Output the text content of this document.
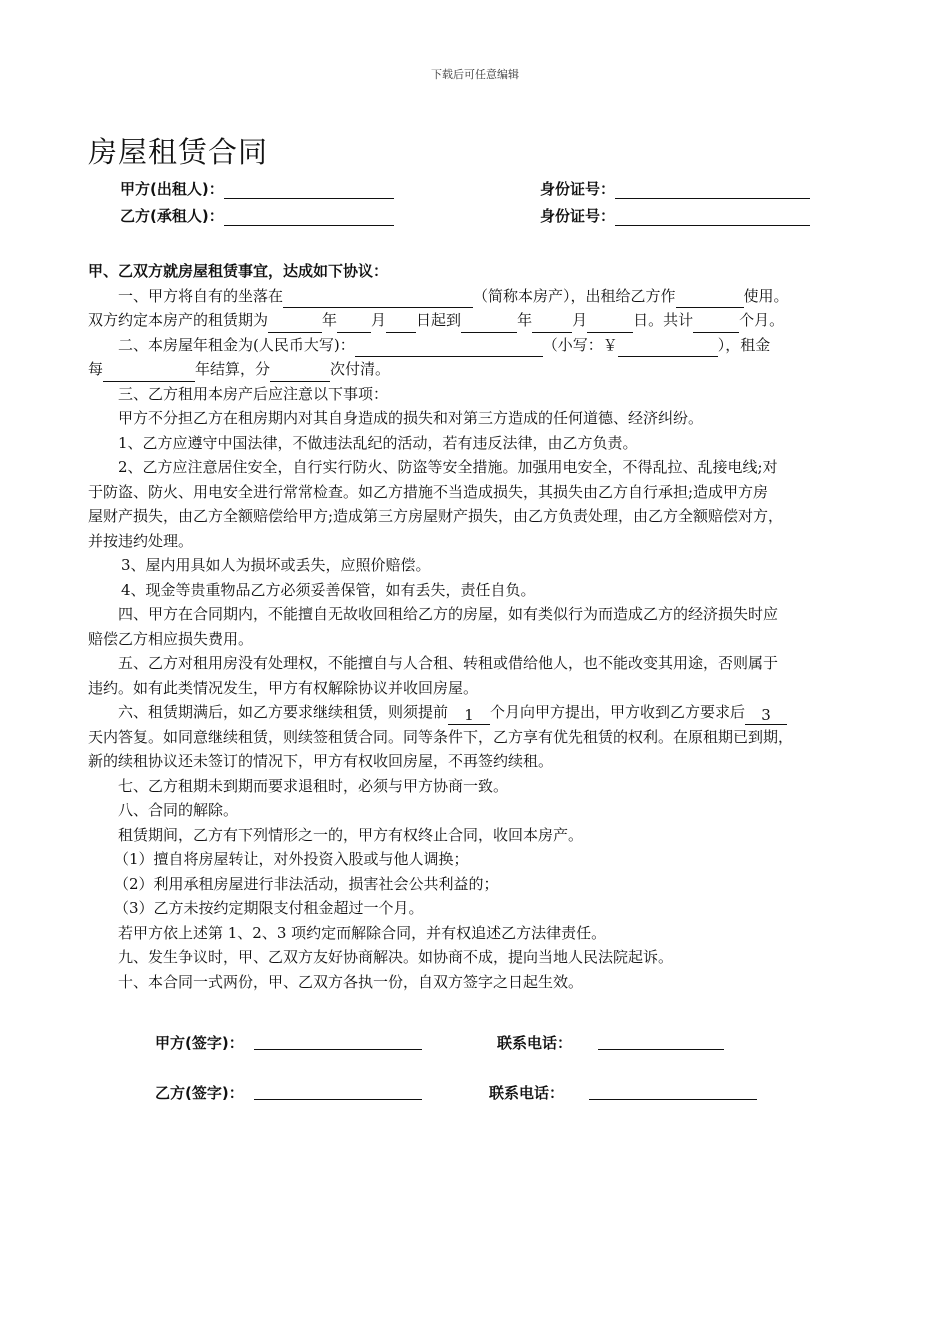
下载后可任意编辑
房屋租赁合同
甲方(出租人)：	身份证号：
乙方(承租人)：	身份证号：

甲、乙双方就房屋租赁事宜，达成如下协议：

一、甲方将自有的坐落在	（简称本房产），出租给乙方作	使用。

双方约定本房产的租赁期为	年 月 日起到	年	月	日。共计	个月。

二、本房屋年租金为(人民币大写)：	（小写：￥	），租金

每	年结算，分	次付清。

三、乙方租用本房产后应注意以下事项：

甲方不分担乙方在租房期内对其自身造成的损失和对第三方造成的任何道德、经济纠纷。

1、乙方应遵守中国法律，不做违法乱纪的活动，若有违反法律，由乙方负责。

2、乙方应注意居住安全，自行实行防火、防盗等安全措施。加强用电安全，不得乱拉、乱接电线;对

于防盗、防火、用电安全进行常常检查。如乙方措施不当造成损失，其损失由乙方自行承担;造成甲方房

屋财产损失，由乙方全额赔偿给甲方;造成第三方房屋财产损失，由乙方负责处理，由乙方全额赔偿对方，

并按违约处理。

3、屋内用具如人为损坏或丢失，应照价赔偿。

4、现金等贵重物品乙方必须妥善保管，如有丢失，责任自负。

四、甲方在合同期内，不能擅自无故收回租给乙方的房屋，如有类似行为而造成乙方的经济损失时应

赔偿乙方相应损失费用。

五、乙方对租用房没有处理权，不能擅自与人合租、转租或借给他人，也不能改变其用途，否则属于

违约。如有此类情况发生，甲方有权解除协议并收回房屋。

六、租赁期满后，如乙方要求继续租赁，则须提前 1 个月向甲方提出，甲方收到乙方要求后 3

天内答复。如同意继续租赁，则续签租赁合同。同等条件下，乙方享有优先租赁的权利。在原租期已到期，

新的续租协议还未签订的情况下，甲方有权收回房屋，不再签约续租。

七、乙方租期未到期而要求退租时，必须与甲方协商一致。

八、合同的解除。

租赁期间，乙方有下列情形之一的，甲方有权终止合同，收回本房产。

（1）擅自将房屋转让，对外投资入股或与他人调换；

（2）利用承租房屋进行非法活动，损害社会公共利益的；

（3）乙方未按约定期限支付租金超过一个月。

若甲方依上述第 1、2、3 项约定而解除合同，并有权追述乙方法律责任。

九、发生争议时，甲、乙双方友好协商解决。如协商不成，提向当地人民法院起诉。

十、本合同一式两份，甲、乙双方各执一份，自双方签字之日起生效。

甲方(签字)：	联系电话：
乙方(签字)：	联系电话：
